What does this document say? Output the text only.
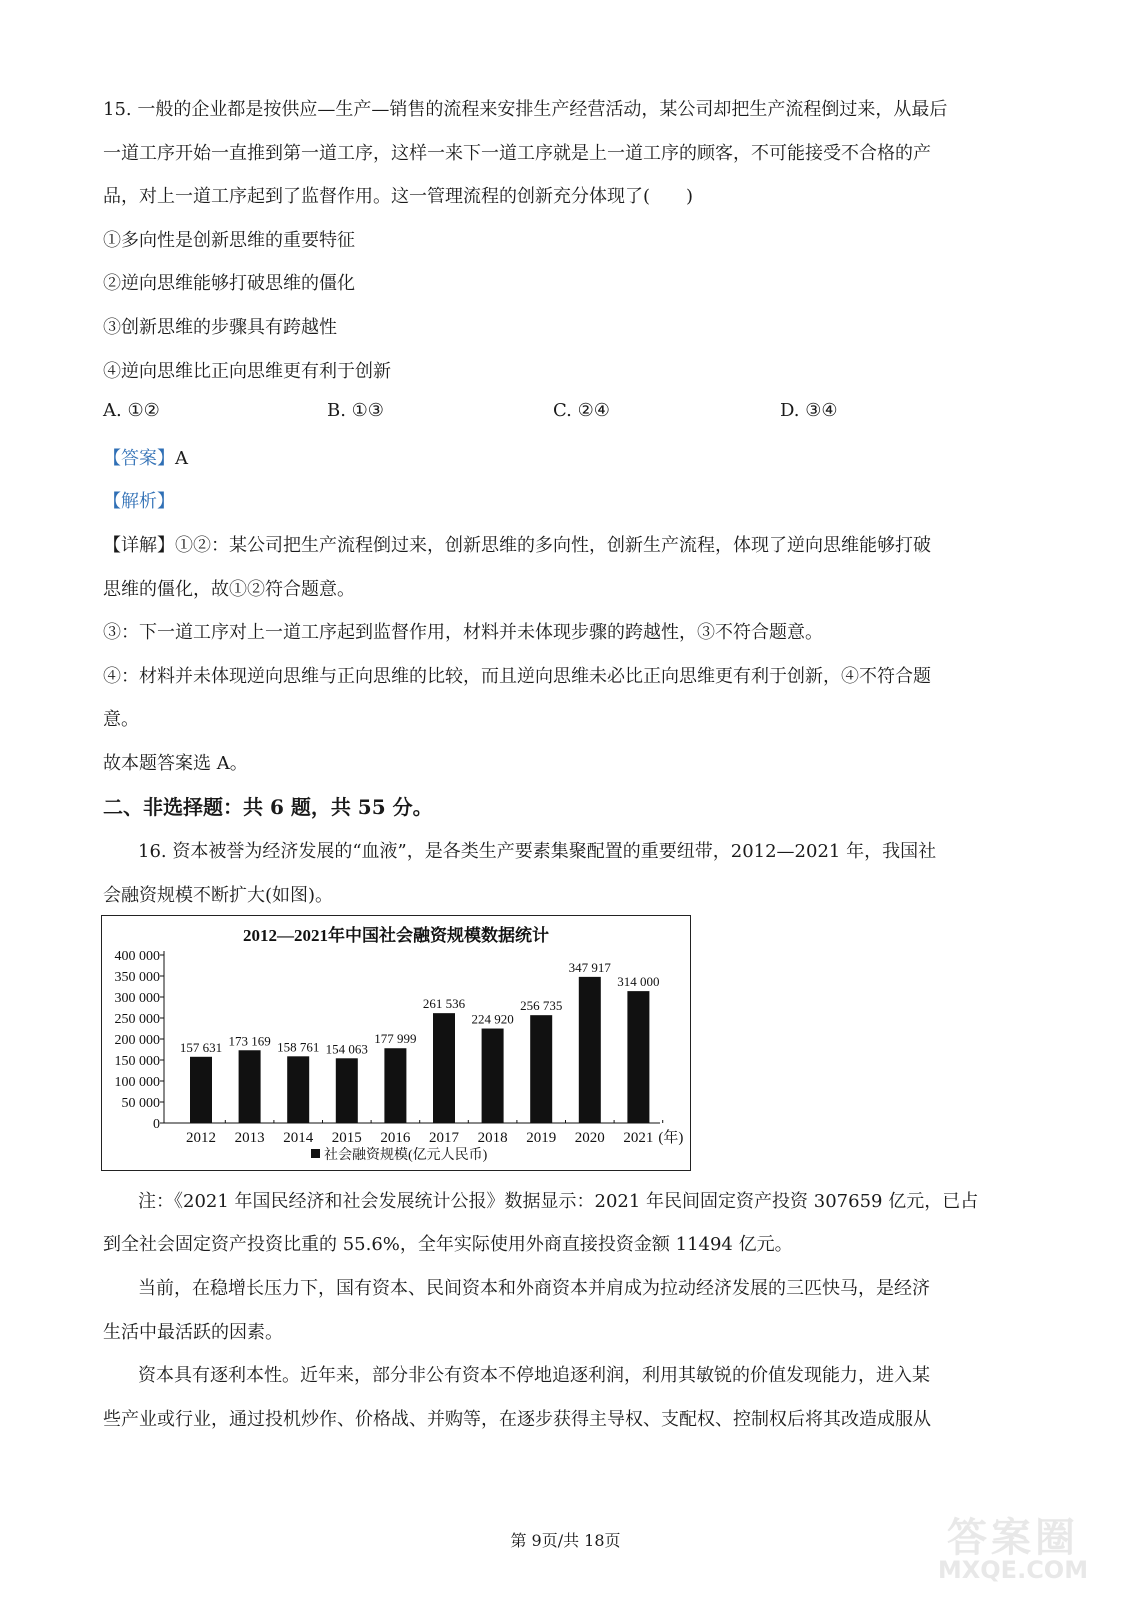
15. 一般的企业都是按供应—生产—销售的流程来安排生产经营活动，某公司却把生产流程倒过来，从最后
一道工序开始一直推到第一道工序，这样一来下一道工序就是上一道工序的顾客，不可能接受不合格的产
品，对上一道工序起到了监督作用。这一管理流程的创新充分体现了(　　)
①多向性是创新思维的重要特征
②逆向思维能够打破思维的僵化
③创新思维的步骤具有跨越性
④逆向思维比正向思维更有利于创新
A. ①②	B. ①③	C. ②④	D. ③④
【答案】A
【解析】
【详解】①②：某公司把生产流程倒过来，创新思维的多向性，创新生产流程，体现了逆向思维能够打破
思维的僵化，故①②符合题意。
③：下一道工序对上一道工序起到监督作用，材料并未体现步骤的跨越性，③不符合题意。
④：材料并未体现逆向思维与正向思维的比较，而且逆向思维未必比正向思维更有利于创新，④不符合题
意。
故本题答案选 A。
二、非选择题：共 6 题，共 55 分。
16. 资本被誉为经济发展的“血液”，是各类生产要素集聚配置的重要纽带，2012—2021 年，我国社
会融资规模不断扩大(如图)。
2012—2021年中国社会融资规模数据统计
0
50 000
100 000
150 000
200 000
250 000
300 000
350 000
400 000
157 631
2012
173 169
2013
158 761
2014
154 063
2015
177 999
2016
261 536
2017
224 920
2018
256 735
2019
347 917
2020
314 000
2021 (年)
社会融资规模(亿元人民币)
注：《2021 年国民经济和社会发展统计公报》数据显示：2021 年民间固定资产投资 307659 亿元，已占
到全社会固定资产投资比重的 55.6%，全年实际使用外商直接投资金额 11494 亿元。
当前，在稳增长压力下，国有资本、民间资本和外商资本并肩成为拉动经济发展的三匹快马，是经济
生活中最活跃的因素。
资本具有逐利本性。近年来，部分非公有资本不停地追逐利润，利用其敏锐的价值发现能力，进入某
些产业或行业，通过投机炒作、价格战、并购等，在逐步获得主导权、支配权、控制权后将其改造成服从
第 9页/共 18页	答案圈
MXQE.COM
